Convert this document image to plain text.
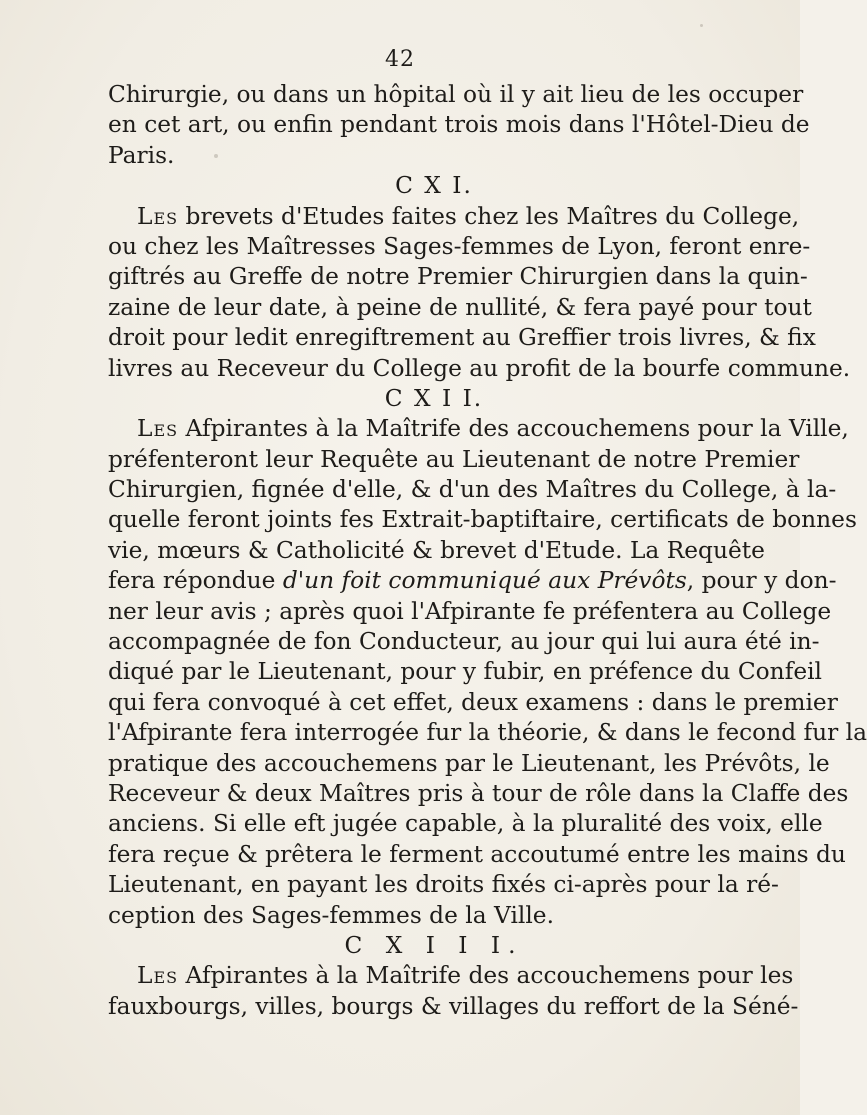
42
Chirurgie, ou dans un hôpital où il y ait lieu de les occuper
en cet art, ou enfin pendant trois mois dans l'Hôtel-Dieu de
Paris.
C X I.
Les brevets d'Etudes faites chez les Maîtres du College,
ou chez les Maîtresses Sages-femmes de Lyon, feront enre-
giftrés au Greffe de notre Premier Chirurgien dans la quin-
zaine de leur date, à peine de nullité, & fera payé pour tout
droit pour ledit enregiftrement au Greffier trois livres, & fix
livres au Receveur du College au profit de la bourfe commune.
C X I I.
Les Afpirantes à la Maîtrife des accouchemens pour la Ville,
préfenteront leur Requête au Lieutenant de notre Premier
Chirurgien, fignée d'elle, & d'un des Maîtres du College, à la-
quelle feront joints fes Extrait-baptiftaire, certificats de bonnes
vie, mœurs & Catholicité & brevet d'Etude. La Requête
fera répondue d'un foit communiqué aux Prévôts, pour y don-
ner leur avis ; après quoi l'Afpirante fe préfentera au College
accompagnée de fon Conducteur, au jour qui lui aura été in-
diqué par le Lieutenant, pour y fubir, en préfence du Confeil
qui fera convoqué à cet effet, deux examens : dans le premier
l'Afpirante fera interrogée fur la théorie, & dans le fecond fur la
pratique des accouchemens par le Lieutenant, les Prévôts, le
Receveur & deux Maîtres pris à tour de rôle dans la Claffe des
anciens. Si elle eft jugée capable, à la pluralité des voix, elle
fera reçue & prêtera le ferment accoutumé entre les mains du
Lieutenant, en payant les droits fixés ci-après pour la ré-
ception des Sages-femmes de la Ville.
C X I I I.
Les Afpirantes à la Maîtrife des accouchemens pour les
fauxbourgs, villes, bourgs & villages du reffort de la Séné-
